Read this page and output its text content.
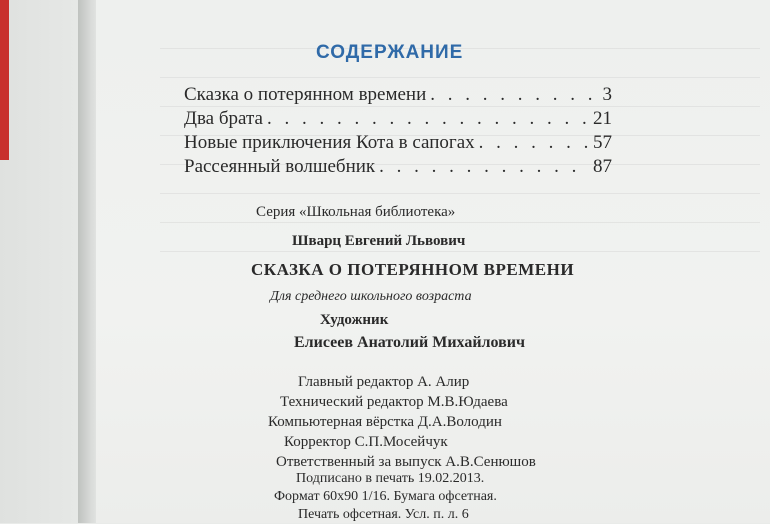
СОДЕРЖАНИЕ
Сказка о потерянном времени . . .	3
Два брата . . .	21
Новые приключения Кота в сапогах . . .	57
Рассеянный волшебник . . .	87
Серия «Школьная библиотека»
Шварц Евгений Львович
СКАЗКА О ПОТЕРЯННОМ ВРЕМЕНИ
Для среднего школьного возраста
Художник
Елисеев Анатолий Михайлович
Главный редактор А. Алир
Технический редактор М.В.Юдаева
Компьютерная вёрстка Д.А.Володин
Корректор С.П.Мосейчук
Ответственный за выпуск А.В.Сенюшов
Подписано в печать 19.02.2013.
Формат 60х90 1/16. Бумага офсетная.
Печать офсетная. Усл. п. л. 6
